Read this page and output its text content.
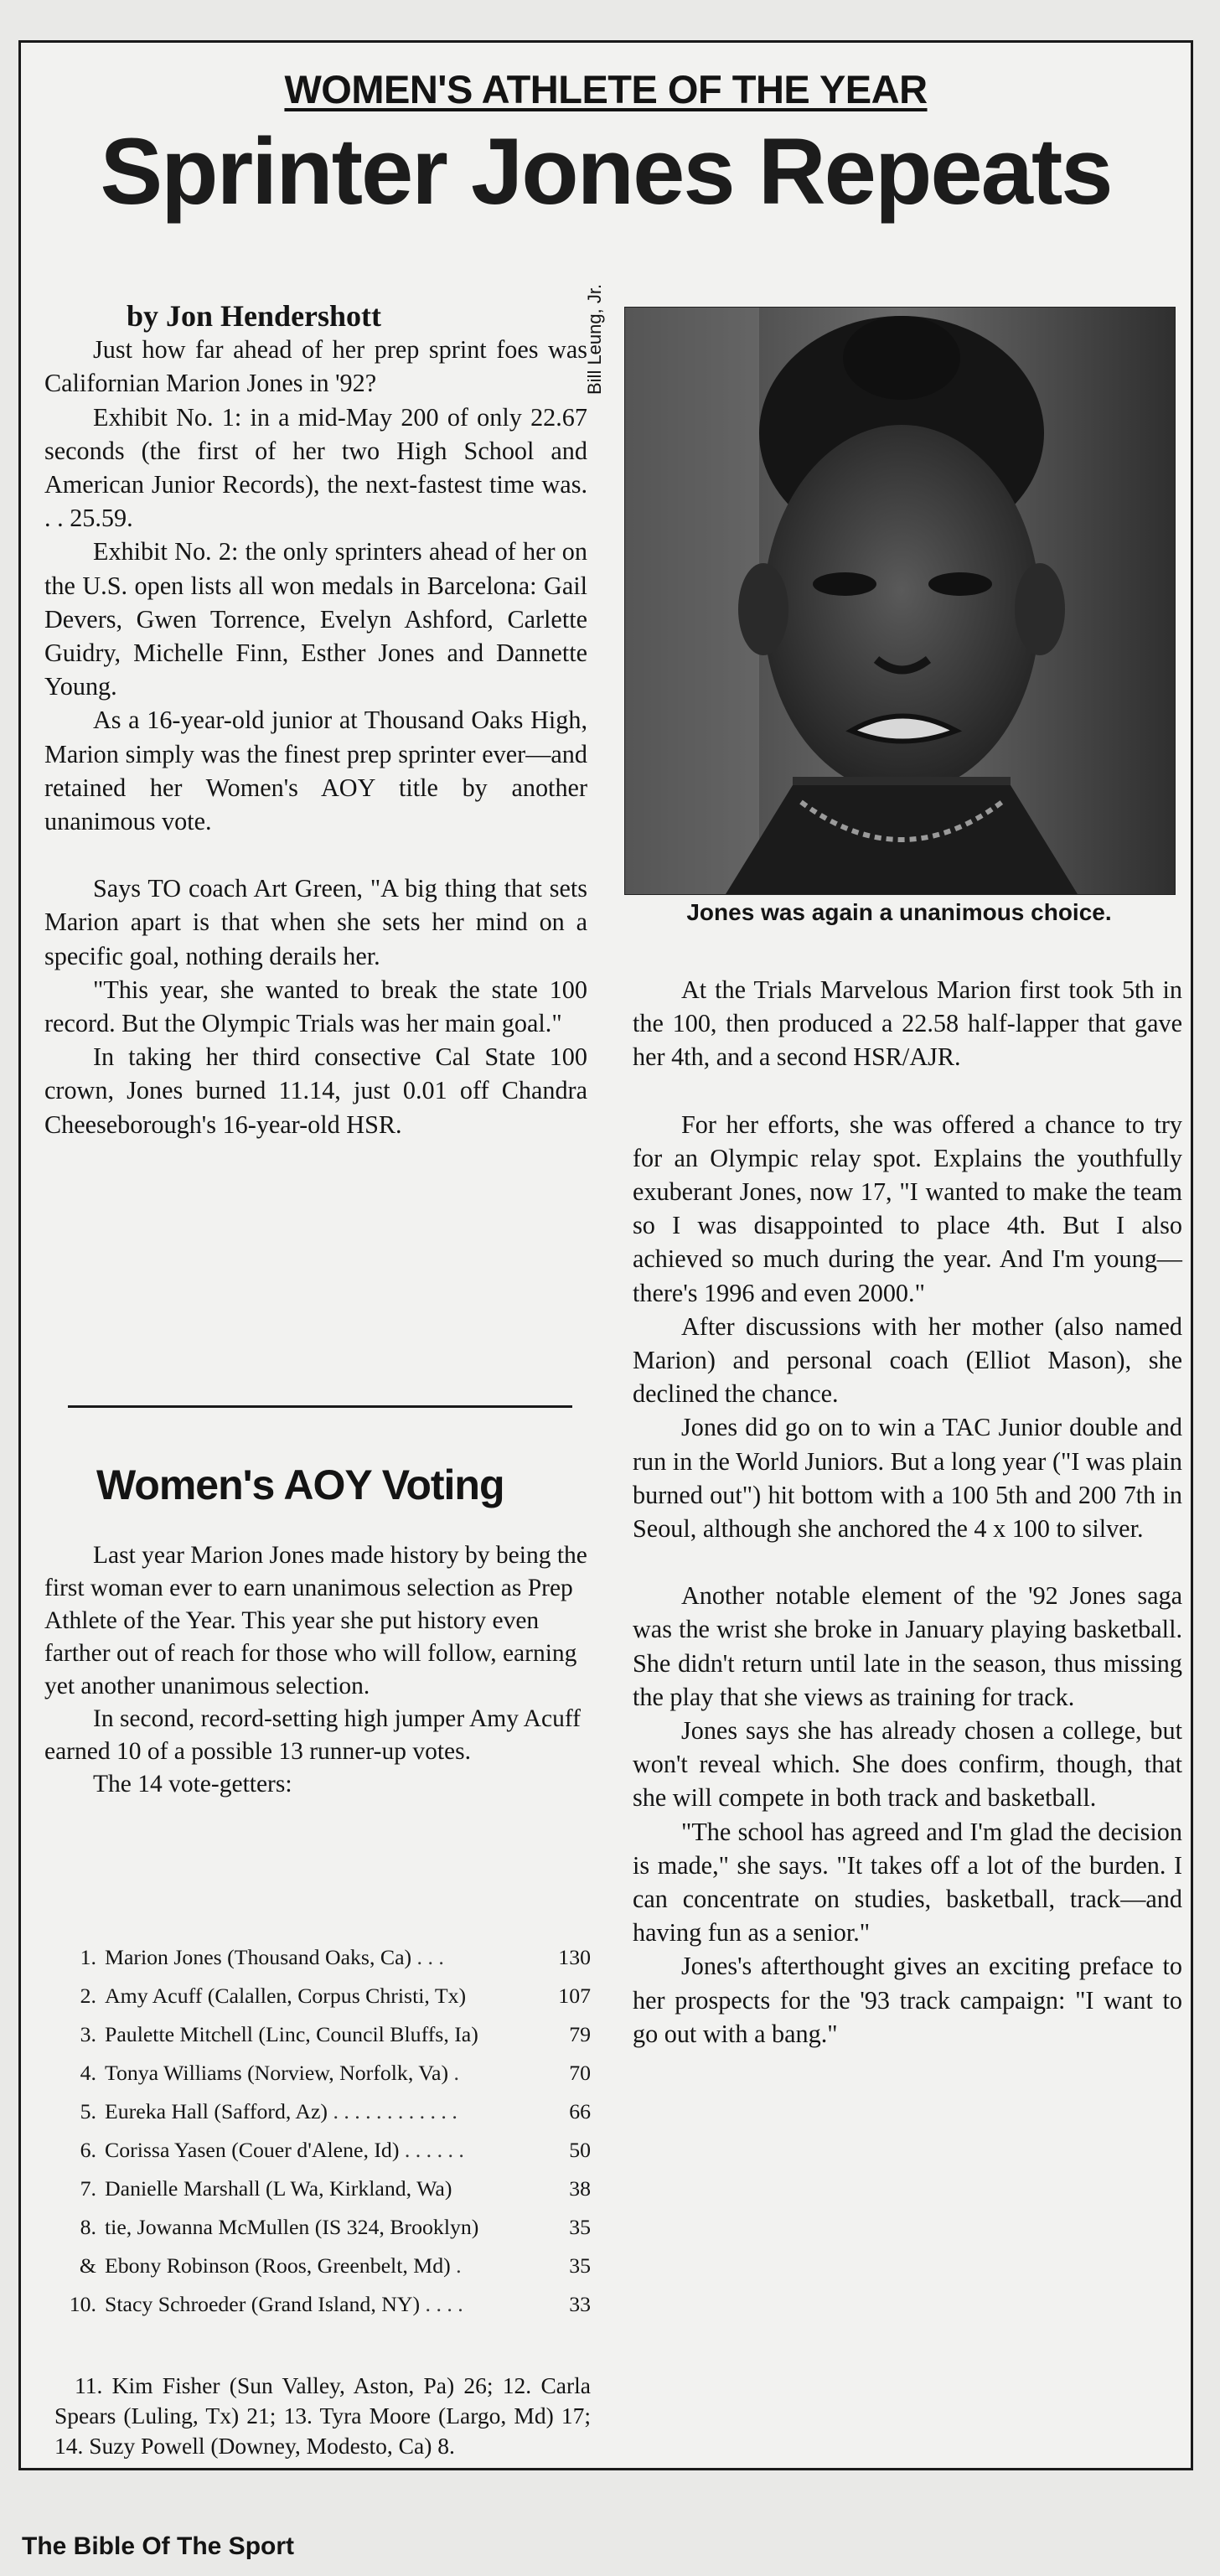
WOMEN'S ATHLETE OF THE YEAR
Sprinter Jones Repeats

by Jon Hendershott

Just how far ahead of her prep sprint foes was Californian Marion Jones in '92?

Exhibit No. 1: in a mid-May 200 of only 22.67 seconds (the first of her two High School and American Junior Records), the next-fastest time was. . . 25.59.

Exhibit No. 2: the only sprinters ahead of her on the U.S. open lists all won medals in Barcelona: Gail Devers, Gwen Torrence, Evelyn Ashford, Carlette Guidry, Michelle Finn, Esther Jones and Dannette Young.

As a 16-year-old junior at Thousand Oaks High, Marion simply was the finest prep sprinter ever—and retained her Women's AOY title by another unanimous vote.

Says TO coach Art Green, "A big thing that sets Marion apart is that when she sets her mind on a specific goal, nothing derails her.

"This year, she wanted to break the state 100 record. But the Olympic Trials was her main goal."

In taking her third consective Cal State 100 crown, Jones burned 11.14, just 0.01 off Chandra Cheeseborough's 16-year-old HSR.

Women's AOY Voting

Last year Marion Jones made history by being the first woman ever to earn unanimous selection as Prep Athlete of the Year. This year she put history even farther out of reach for those who will follow, earning yet another unanimous selection.

In second, record-setting high jumper Amy Acuff earned 10 of a possible 13 runner-up votes.

The 14 vote-getters:

1. Marion Jones (Thousand Oaks, Ca) . . .	130
2. Amy Acuff (Calallen, Corpus Christi, Tx)	107
3. Paulette Mitchell (Linc, Council Bluffs, Ia)	79
4. Tonya Williams (Norview, Norfolk, Va) .	70
5. Eureka Hall (Safford, Az) . . . . . . . . . . . .	66
6. Corissa Yasen (Couer d'Alene, Id) . . . . . .	50
7. Danielle Marshall (L Wa, Kirkland, Wa)	38
8. tie, Jowanna McMullen (IS 324, Brooklyn)	35
& Ebony Robinson (Roos, Greenbelt, Md) .	35
10. Stacy Schroeder (Grand Island, NY) . . . .	33

11. Kim Fisher (Sun Valley, Aston, Pa) 26; 12. Carla Spears (Luling, Tx) 21; 13. Tyra Moore (Largo, Md) 17; 14. Suzy Powell (Downey, Modesto, Ca) 8.

Bill Leung, Jr.
Jones was again a unanimous choice.

At the Trials Marvelous Marion first took 5th in the 100, then produced a 22.58 half-lapper that gave her 4th, and a second HSR/AJR.

For her efforts, she was offered a chance to try for an Olympic relay spot. Explains the youthfully exuberant Jones, now 17, "I wanted to make the team so I was disappointed to place 4th. But I also achieved so much during the year. And I'm young— there's 1996 and even 2000."

After discussions with her mother (also named Marion) and personal coach (Elliot Mason), she declined the chance.

Jones did go on to win a TAC Junior double and run in the World Juniors. But a long year ("I was plain burned out") hit bottom with a 100 5th and 200 7th in Seoul, although she anchored the 4 x 100 to silver.

Another notable element of the '92 Jones saga was the wrist she broke in January playing basketball. She didn't return until late in the season, thus missing the play that she views as training for track.

Jones says she has already chosen a college, but won't reveal which. She does confirm, though, that she will compete in both track and basketball.

"The school has agreed and I'm glad the decision is made," she says. "It takes off a lot of the burden. I can concentrate on studies, basketball, track—and having fun as a senior."

Jones's afterthought gives an exciting preface to her prospects for the '93 track campaign: "I want to go out with a bang."

The Bible Of The Sport
